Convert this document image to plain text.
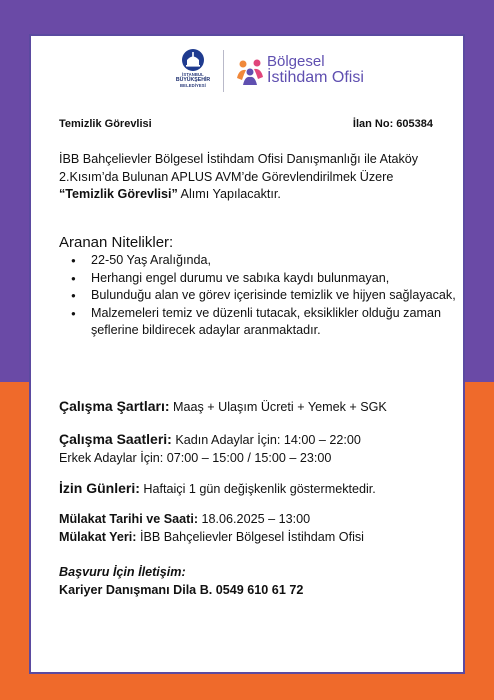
İSTANBUL
BÜYÜKŞEHİR
BELEDİYESİ
Bölgesel
İstihdam Ofisi
Temizlik Görevlisi	İlan No: 605384
İBB Bahçelievler Bölgesel İstihdam Ofisi Danışmanlığı ile Ataköy 2.Kısım’da Bulunan APLUS AVM’de Görevlendirilmek Üzere “Temizlik Görevlisi” Alımı Yapılacaktır.
Aranan Nitelikler:
● 22-50 Yaş Aralığında,
● Herhangi engel durumu ve sabıka kaydı bulunmayan,
● Bulunduğu alan ve görev içerisinde temizlik ve hijyen sağlayacak,
● Malzemeleri temiz ve düzenli tutacak, eksiklikler olduğu zaman şeflerine bildirecek adaylar aranmaktadır.
Çalışma Şartları: Maaş + Ulaşım Ücreti + Yemek + SGK
Çalışma Saatleri: Kadın Adaylar İçin: 14:00 – 22:00
Erkek Adaylar İçin: 07:00 – 15:00 / 15:00 – 23:00
İzin Günleri: Haftaiçi 1 gün değişkenlik göstermektedir.
Mülakat Tarihi ve Saati: 18.06.2025 – 13:00
Mülakat Yeri: İBB Bahçelievler Bölgesel İstihdam Ofisi
Başvuru İçin İletişim:
Kariyer Danışmanı Dila B. 0549 610 61 72
